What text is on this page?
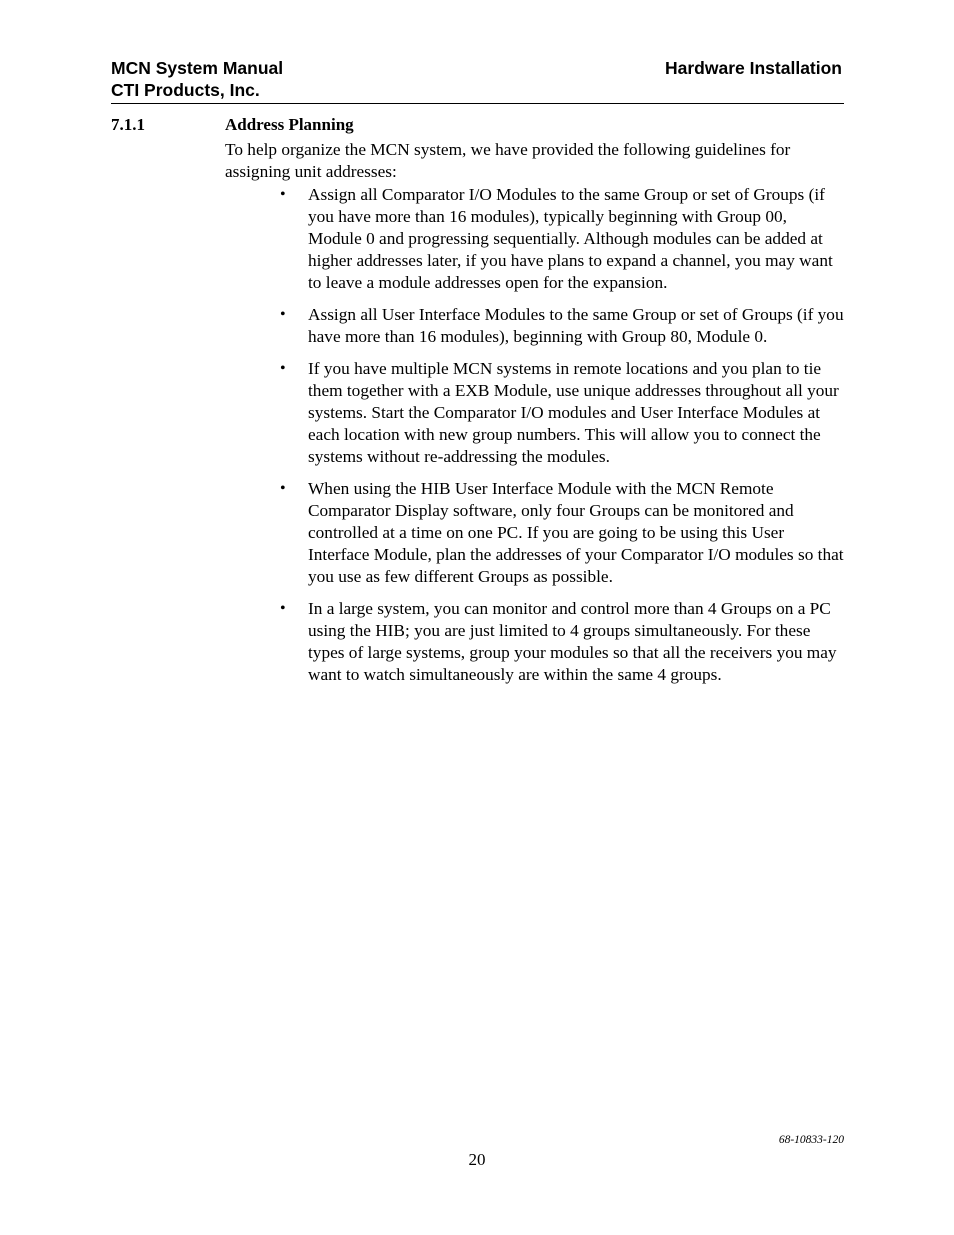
MCN System Manual
CTI Products, Inc.
Hardware Installation
7.1.1	Address Planning

To help organize the MCN system, we have provided the following guidelines for assigning unit addresses:

• Assign all Comparator I/O Modules to the same Group or set of Groups (if you have more than 16 modules), typically beginning with Group 00, Module 0 and progressing sequentially. Although modules can be added at higher addresses later, if you have plans to expand a channel, you may want to leave a module addresses open for the expansion.
• Assign all User Interface Modules to the same Group or set of Groups (if you have more than 16 modules), beginning with Group 80, Module 0.
• If you have multiple MCN systems in remote locations and you plan to tie them together with a EXB Module, use unique addresses throughout all your systems. Start the Comparator I/O modules and User Interface Modules at each location with new group numbers. This will allow you to connect the systems without re-addressing the modules.
• When using the HIB User Interface Module with the MCN Remote Comparator Display software, only four Groups can be monitored and controlled at a time on one PC. If you are going to be using this User Interface Module, plan the addresses of your Comparator I/O modules so that you use as few different Groups as possible.
• In a large system, you can monitor and control more than 4 Groups on a PC using the HIB; you are just limited to 4 groups simultaneously. For these types of large systems, group your modules so that all the receivers you may want to watch simultaneously are within the same 4 groups.
68-10833-120
20
